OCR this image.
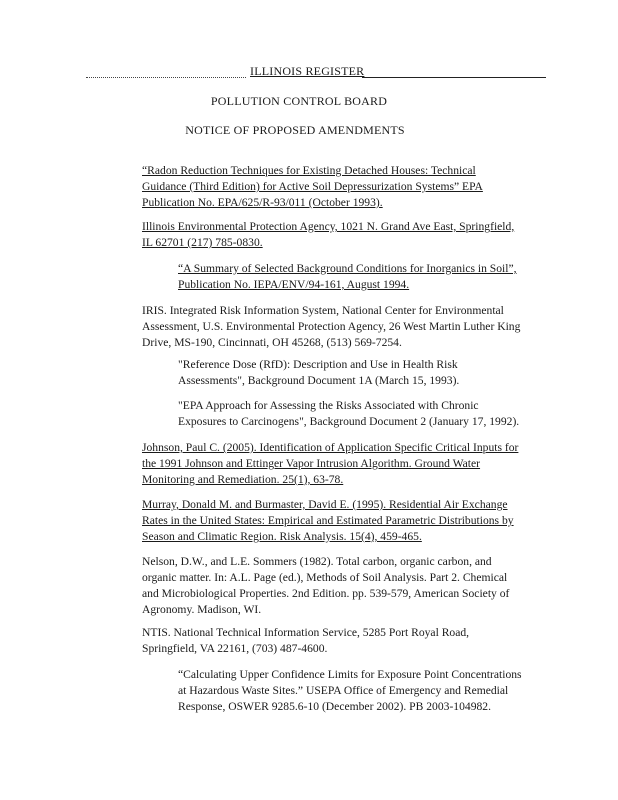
ILLINOIS REGISTER
POLLUTION CONTROL BOARD
NOTICE OF PROPOSED AMENDMENTS
“Radon Reduction Techniques for Existing Detached Houses: Technical
Guidance (Third Edition) for Active Soil Depressurization Systems” EPA
Publication No. EPA/625/R-93/011 (October 1993).
Illinois Environmental Protection Agency, 1021 N. Grand Ave East, Springfield,
IL 62701 (217) 785-0830.
“A Summary of Selected Background Conditions for Inorganics in Soil”,
Publication No. IEPA/ENV/94-161, August 1994.
IRIS. Integrated Risk Information System, National Center for Environmental
Assessment, U.S. Environmental Protection Agency, 26 West Martin Luther King
Drive, MS-190, Cincinnati, OH 45268, (513) 569-7254.
"Reference Dose (RfD): Description and Use in Health Risk
Assessments", Background Document 1A (March 15, 1993).
"EPA Approach for Assessing the Risks Associated with Chronic
Exposures to Carcinogens", Background Document 2 (January 17, 1992).
Johnson, Paul C. (2005). Identification of Application Specific Critical Inputs for
the 1991 Johnson and Ettinger Vapor Intrusion Algorithm. Ground Water
Monitoring and Remediation. 25(1), 63-78.
Murray, Donald M. and Burmaster, David E. (1995). Residential Air Exchange
Rates in the United States: Empirical and Estimated Parametric Distributions by
Season and Climatic Region. Risk Analysis. 15(4), 459-465.
Nelson, D.W., and L.E. Sommers (1982). Total carbon, organic carbon, and
organic matter. In: A.L. Page (ed.), Methods of Soil Analysis. Part 2. Chemical
and Microbiological Properties. 2nd Edition. pp. 539-579, American Society of
Agronomy. Madison, WI.
NTIS. National Technical Information Service, 5285 Port Royal Road,
Springfield, VA 22161, (703) 487-4600.
“Calculating Upper Confidence Limits for Exposure Point Concentrations
at Hazardous Waste Sites.” USEPA Office of Emergency and Remedial
Response, OSWER 9285.6-10 (December 2002). PB 2003-104982.
